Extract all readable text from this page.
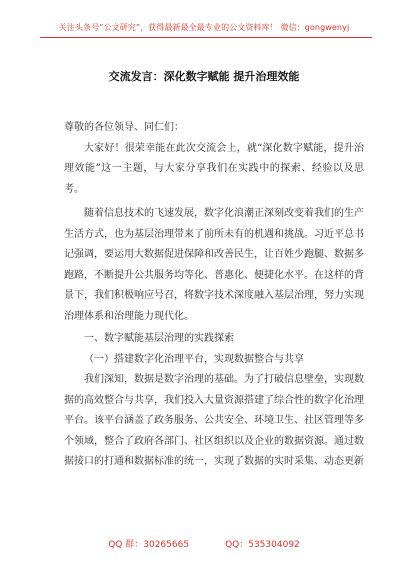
关注头条号“公文研究”，获得最新最全最专业的公文资料库！ 微信：gongwenyj
交流发言：深化数字赋能 提升治理效能

尊敬的各位领导、同仁们：

大家好！很荣幸能在此次交流会上，就“深化数字赋能，提升治理效能”这一主题，与大家分享我们在实践中的探索、经验以及思考。

随着信息技术的飞速发展，数字化浪潮正深刻改变着我们的生产生活方式，也为基层治理带来了前所未有的机遇和挑战。习近平总书记强调，要运用大数据促进保障和改善民生，让百姓少跑腿、数据多跑路，不断提升公共服务均等化、普惠化、便捷化水平。在这样的背景下，我们积极响应号召，将数字技术深度融入基层治理，努力实现治理体系和治理能力现代化。

一、数字赋能基层治理的实践探索

（一）搭建数字化治理平台，实现数据整合与共享

我们深知，数据是数字治理的基础。为了打破信息壁垒，实现数据的高效整合与共享，我们投入大量资源搭建了综合性的数字化治理平台。该平台涵盖了政务服务、公共安全、环境卫生、社区管理等多个领域，整合了政府各部门、社区组织以及企业的数据资源。通过数据接口的打通和数据标准的统一，实现了数据的实时采集、动态更新

QQ 群：30265665	QQ：535304092
